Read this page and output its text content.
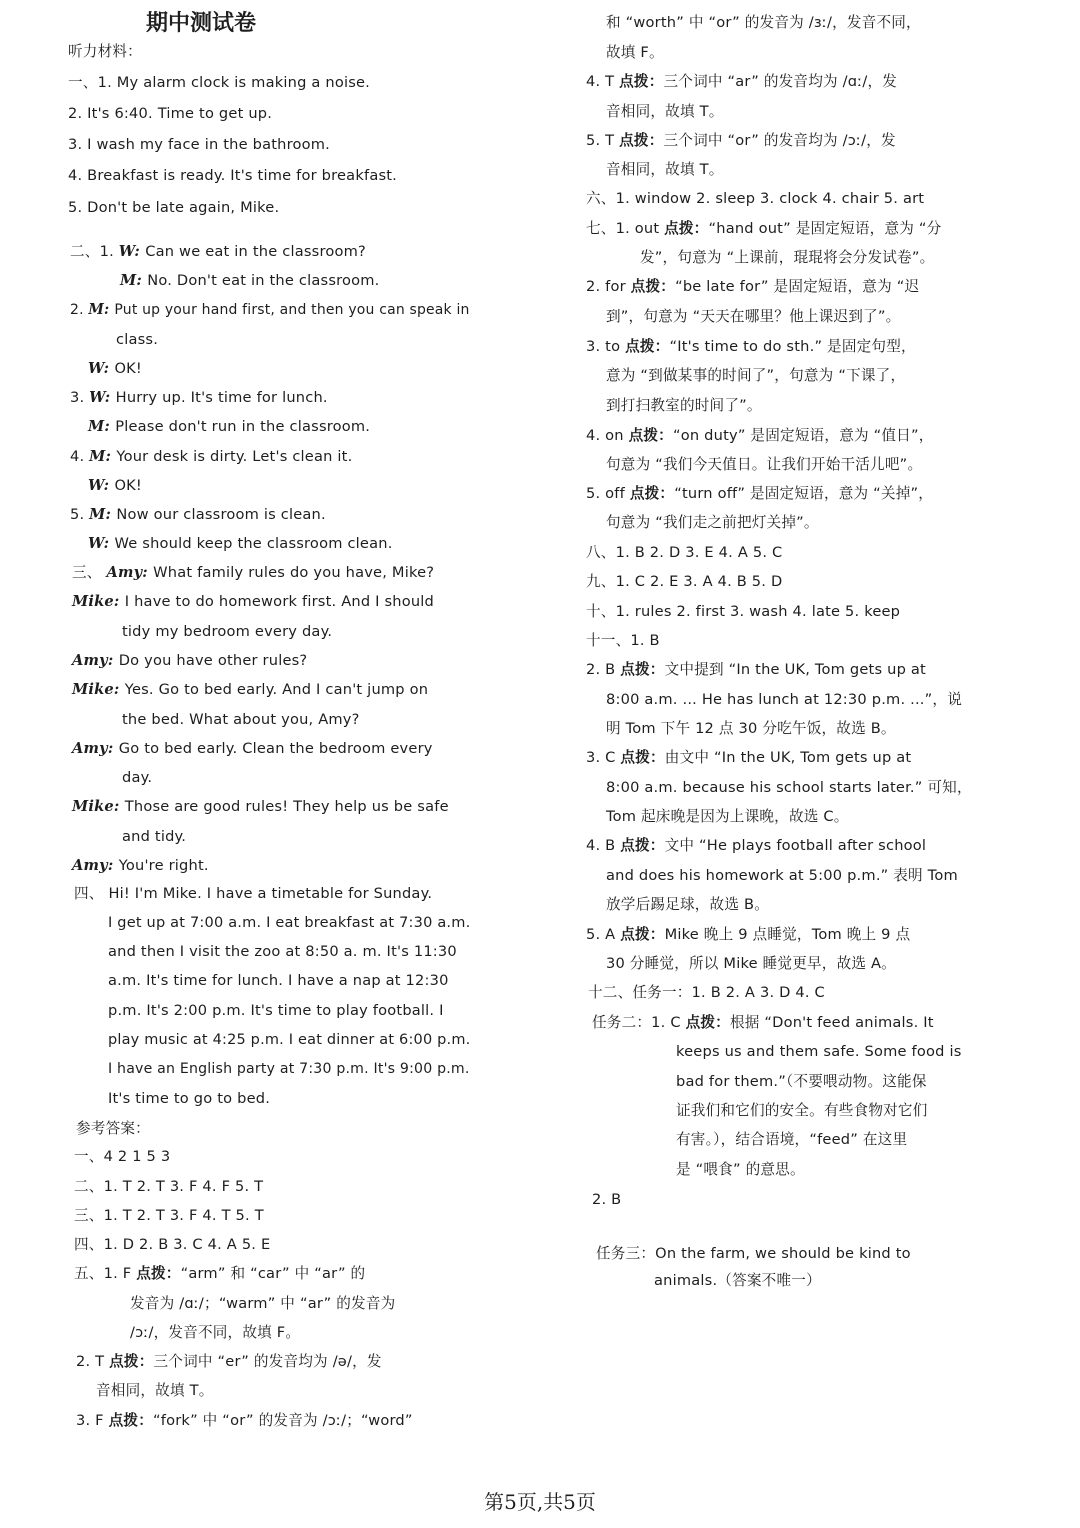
期中测试卷
听力材料：
一、1. My alarm clock is making a noise.
2. It's 6:40. Time to get up.
3. I wash my face in the bathroom.
4. Breakfast is ready. It's time for breakfast.
5. Don't be late again, Mike.
二、1. W: Can we eat in the classroom?
M: No. Don't eat in the classroom.
2. M: Put up your hand first, and then you can speak in
class.
W: OK!
3. W: Hurry up. It's time for lunch.
M: Please don't run in the classroom.
4. M: Your desk is dirty. Let's clean it.
W: OK!
5. M: Now our classroom is clean.
W: We should keep the classroom clean.
三、 Amy: What family rules do you have, Mike?
Mike: I have to do homework first. And I should
tidy my bedroom every day.
Amy: Do you have other rules?
Mike: Yes. Go to bed early. And I can't jump on
the bed. What about you, Amy?
Amy: Go to bed early. Clean the bedroom every
day.
Mike: Those are good rules! They help us be safe
and tidy.
Amy: You're right.
四、 Hi! I'm Mike. I have a timetable for Sunday.
I get up at 7:00 a.m. I eat breakfast at 7:30 a.m.
and then I visit the zoo at 8:50 a. m. It's 11:30
a.m. It's time for lunch. I have a nap at 12:30
p.m. It's 2:00 p.m. It's time to play football. I
play music at 4:25 p.m. I eat dinner at 6:00 p.m.
I have an English party at 7:30 p.m. It's 9:00 p.m.
It's time to go to bed.
参考答案：
一、4 2 1 5 3
二、1. T 2. T 3. F 4. F 5. T
三、1. T 2. T 3. F 4. T 5. T
四、1. D 2. B 3. C 4. A 5. E
五、1. F 点拨：“arm” 和 “car” 中 “ar” 的
发音为 /ɑː/；“warm” 中 “ar” 的发音为
/ɔː/，发音不同，故填 F。
2. T 点拨：三个词中 “er” 的发音均为 /ə/，发
音相同，故填 T。
3. F 点拨：“fork” 中 “or” 的发音为 /ɔː/；“word”
和 “worth” 中 “or” 的发音为 /ɜː/，发音不同，
故填 F。
4. T 点拨：三个词中 “ar” 的发音均为 /ɑː/，发
音相同，故填 T。
5. T 点拨：三个词中 “or” 的发音均为 /ɔː/，发
音相同，故填 T。
六、1. window 2. sleep 3. clock 4. chair 5. art
七、1. out 点拨：“hand out” 是固定短语，意为 “分
发”，句意为 “上课前，琨琨将会分发试卷”。
2. for 点拨：“be late for” 是固定短语，意为 “迟
到”，句意为 “天天在哪里？他上课迟到了”。
3. to 点拨：“It's time to do sth.” 是固定句型，
意为 “到做某事的时间了”，句意为 “下课了，
到打扫教室的时间了”。
4. on 点拨：“on duty” 是固定短语，意为 “值日”，
句意为 “我们今天值日。让我们开始干活儿吧”。
5. off 点拨：“turn off” 是固定短语，意为 “关掉”，
句意为 “我们走之前把灯关掉”。
八、1. B 2. D 3. E 4. A 5. C
九、1. C 2. E 3. A 4. B 5. D
十、1. rules 2. first 3. wash 4. late 5. keep
十一、1. B
2. B 点拨：文中提到 “In the UK, Tom gets up at
8:00 a.m. ... He has lunch at 12:30 p.m. ...”，说
明 Tom 下午 12 点 30 分吃午饭，故选 B。
3. C 点拨：由文中 “In the UK, Tom gets up at
8:00 a.m. because his school starts later.” 可知，
Tom 起床晚是因为上课晚，故选 C。
4. B 点拨：文中 “He plays football after school
and does his homework at 5:00 p.m.” 表明 Tom
放学后踢足球，故选 B。
5. A 点拨：Mike 晚上 9 点睡觉，Tom 晚上 9 点
30 分睡觉，所以 Mike 睡觉更早，故选 A。
十二、任务一：1. B 2. A 3. D 4. C
任务二：1. C 点拨：根据 “Don't feed animals. It
keeps us and them safe. Some food is
bad for them.”（不要喂动物。这能保
证我们和它们的安全。有些食物对它们
有害。），结合语境，“feed” 在这里
是 “喂食” 的意思。
2. B
任务三：On the farm, we should be kind to
animals.（答案不唯一）
第5页,共5页
